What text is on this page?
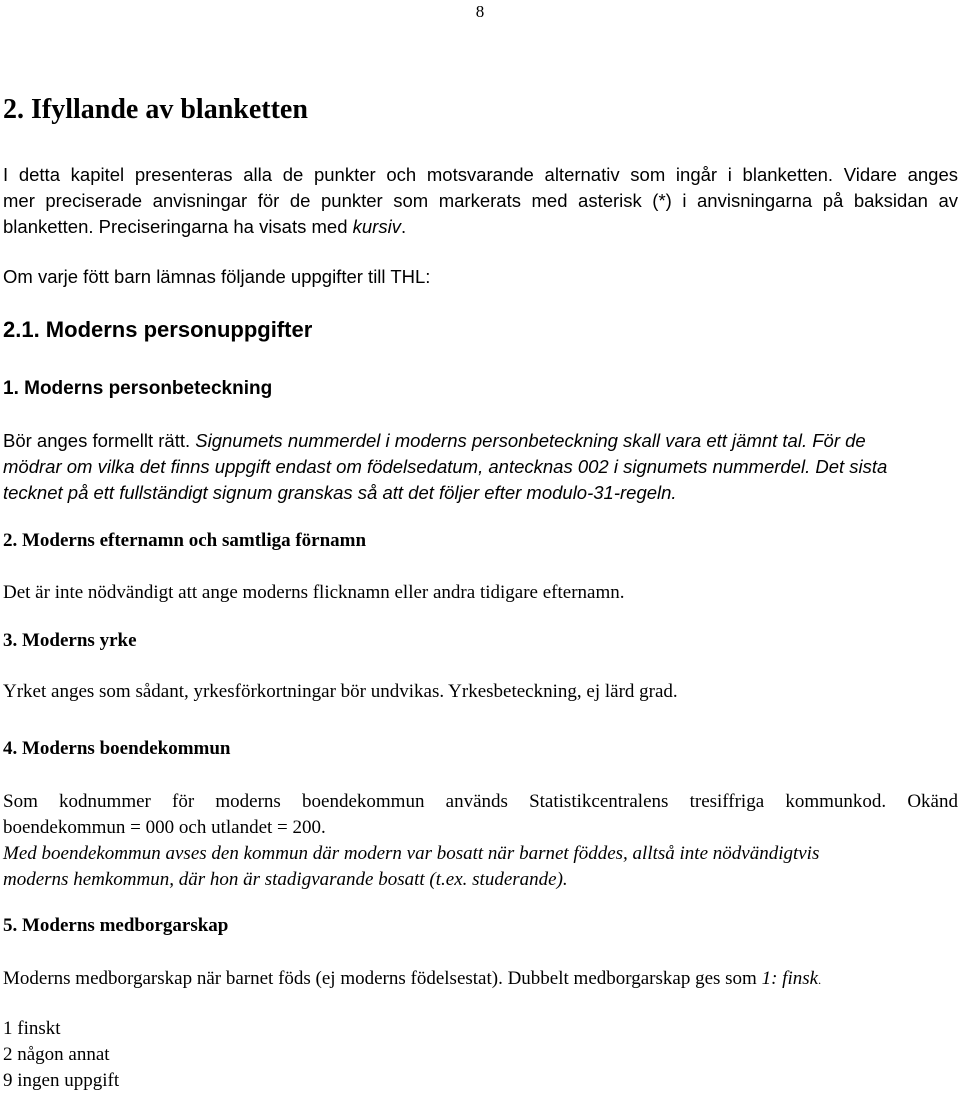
8
2. Ifyllande av blanketten
I detta kapitel presenteras alla de punkter och motsvarande alternativ som ingår i blanketten. Vidare anges
mer preciserade anvisningar för de punkter som markerats med asterisk (*) i anvisningarna på baksidan av
blanketten. Preciseringarna ha visats med kursiv.
Om varje fött barn lämnas följande uppgifter till THL:
2.1. Moderns personuppgifter
1. Moderns personbeteckning
Bör anges formellt rätt. Signumets nummerdel i moderns personbeteckning skall vara ett jämnt tal. För de
mödrar om vilka det finns uppgift endast om födelsedatum, antecknas 002 i signumets nummerdel. Det sista
tecknet på ett fullständigt signum granskas så att det följer efter modulo-31-regeln.
2. Moderns efternamn och samtliga förnamn
Det är inte nödvändigt att ange moderns flicknamn eller andra tidigare efternamn.
3. Moderns yrke
Yrket anges som sådant, yrkesförkortningar bör undvikas. Yrkesbeteckning, ej lärd grad.
4. Moderns boendekommun
Som kodnummer för moderns boendekommun används Statistikcentralens tresiffriga kommunkod. Okänd
boendekommun = 000 och utlandet = 200.
Med boendekommun avses den kommun där modern var bosatt när barnet föddes, alltså inte nödvändigtvis
moderns hemkommun, där hon är stadigvarande bosatt (t.ex. studerande).
5. Moderns medborgarskap
Moderns medborgarskap när barnet föds (ej moderns födelsestat). Dubbelt medborgarskap ges som 1: finsk.
1 finskt
2 någon annat
9 ingen uppgift
